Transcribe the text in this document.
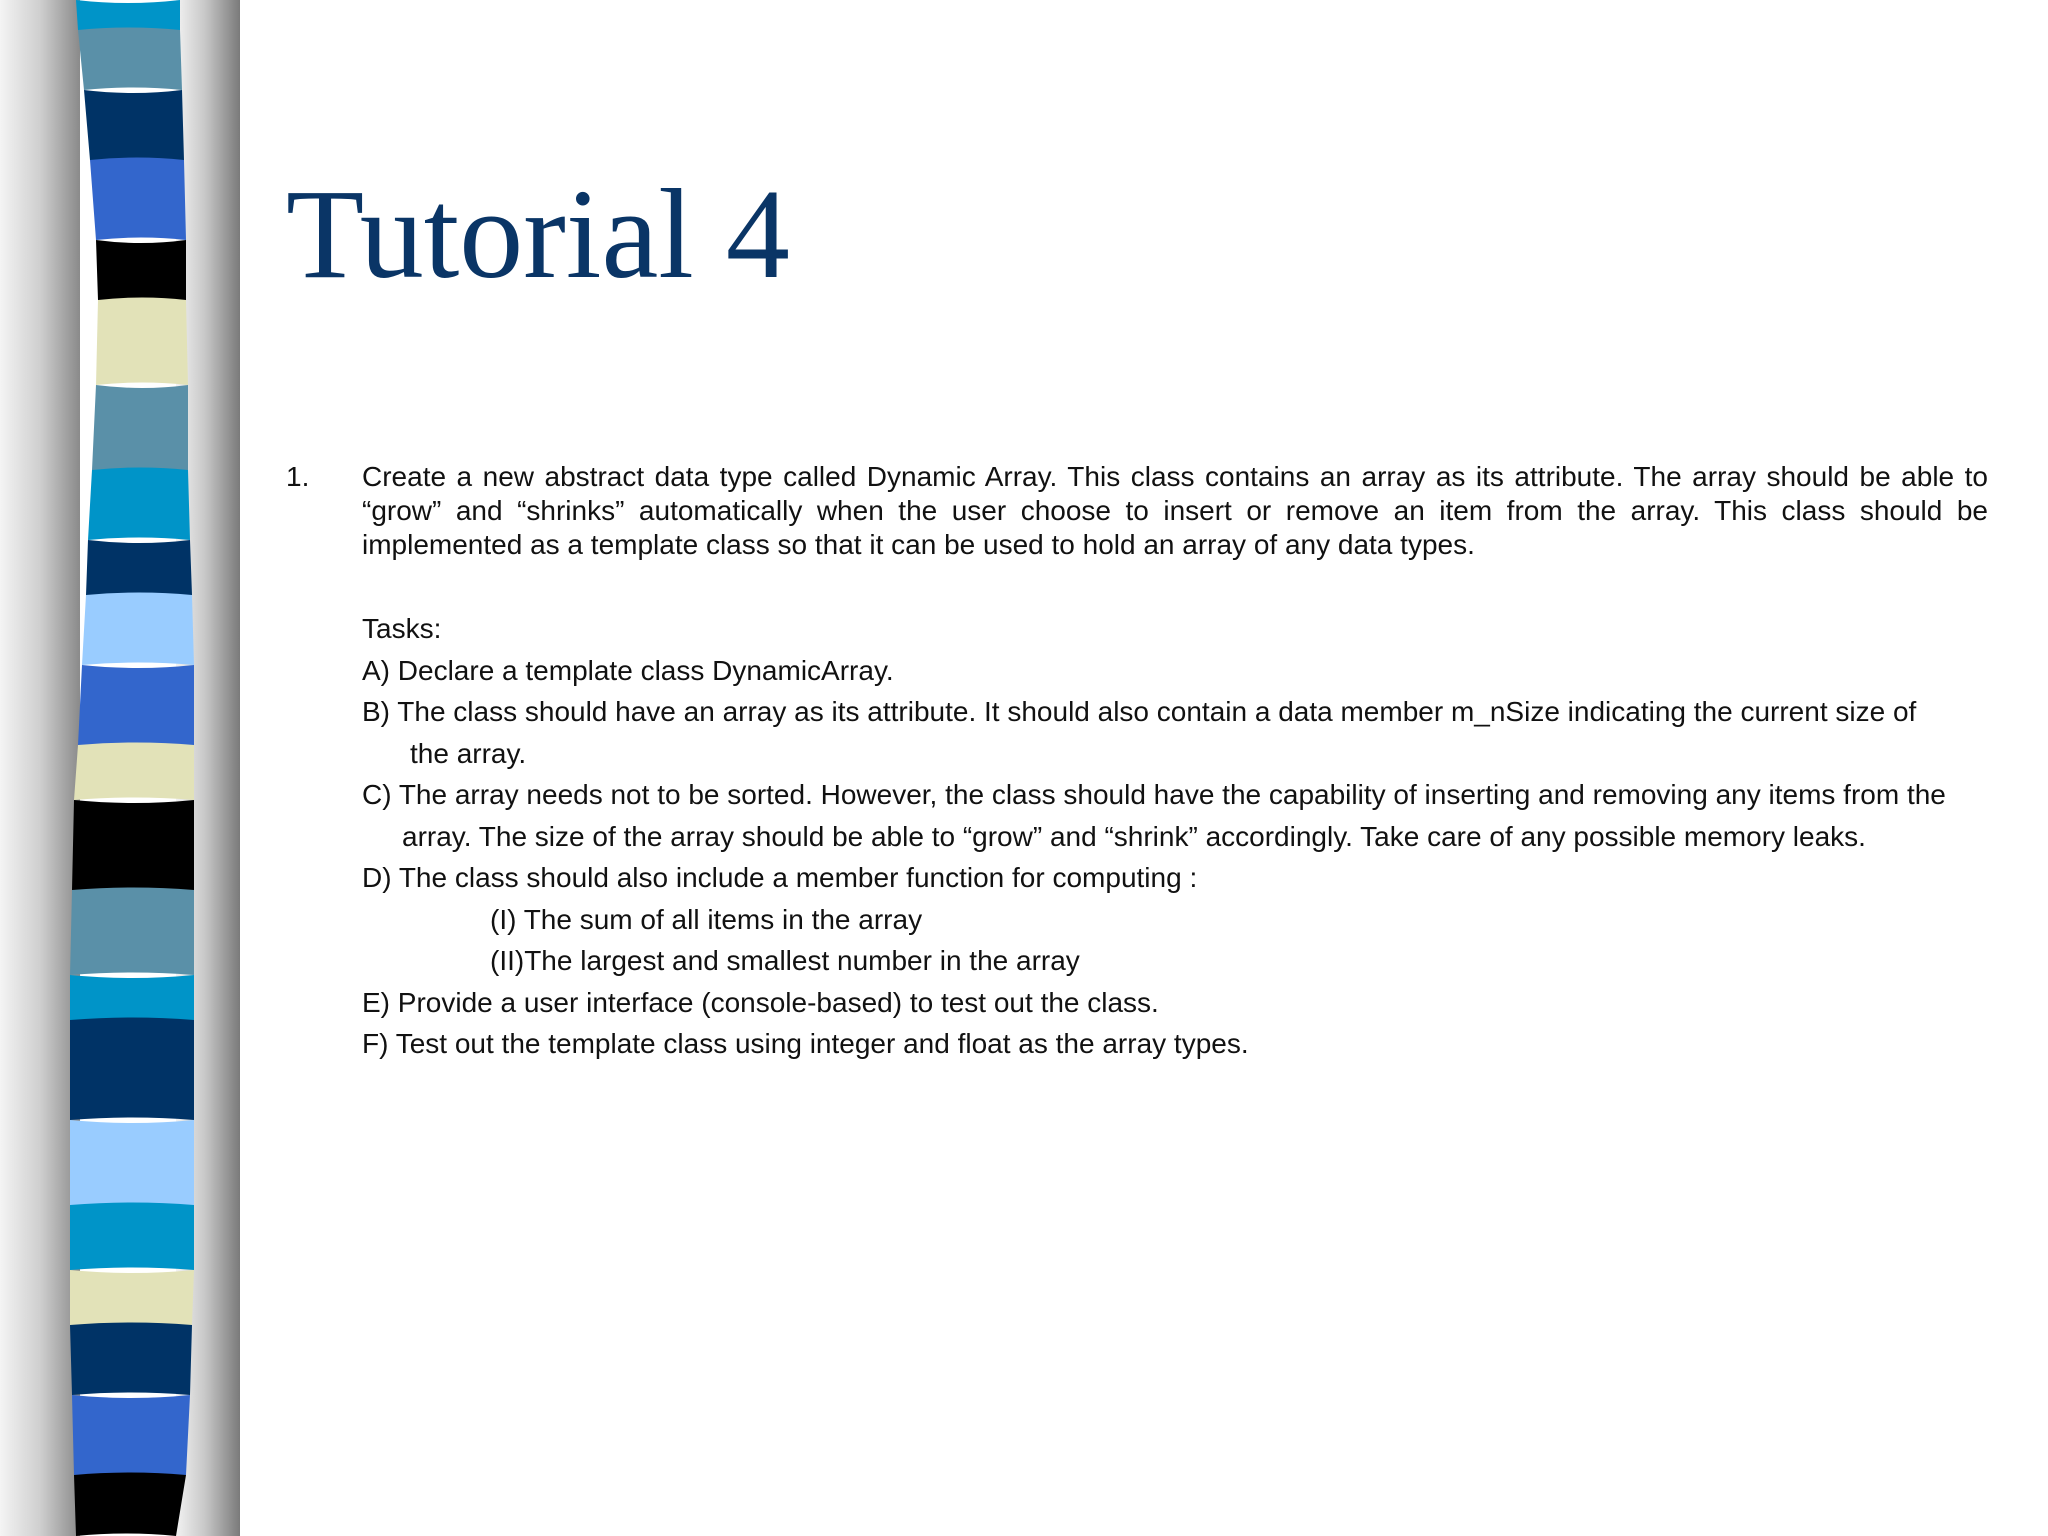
Tutorial 4
1. Create a new abstract data type called Dynamic Array. This class contains an array as its attribute. The array should be able to “grow” and “shrinks” automatically when the user choose to insert or remove an item from the array. This class should be implemented as a template class so that it can be used to hold an array of any data types.
Tasks:
A) Declare a template class DynamicArray.
B) The class should have an array as its attribute. It should also contain a data member m_nSize indicating the current size of
the array.
C) The array needs not to be sorted. However, the class should have the capability of inserting and removing any items from the
array. The size of the array should be able to “grow” and “shrink” accordingly. Take care of any possible memory leaks.
D) The class should also include a member function for computing :
(I) The sum of all items in the array
(II)The largest and smallest number in the array
E) Provide a user interface (console-based) to test out the class.
F) Test out the template class using integer and float as the array types.
